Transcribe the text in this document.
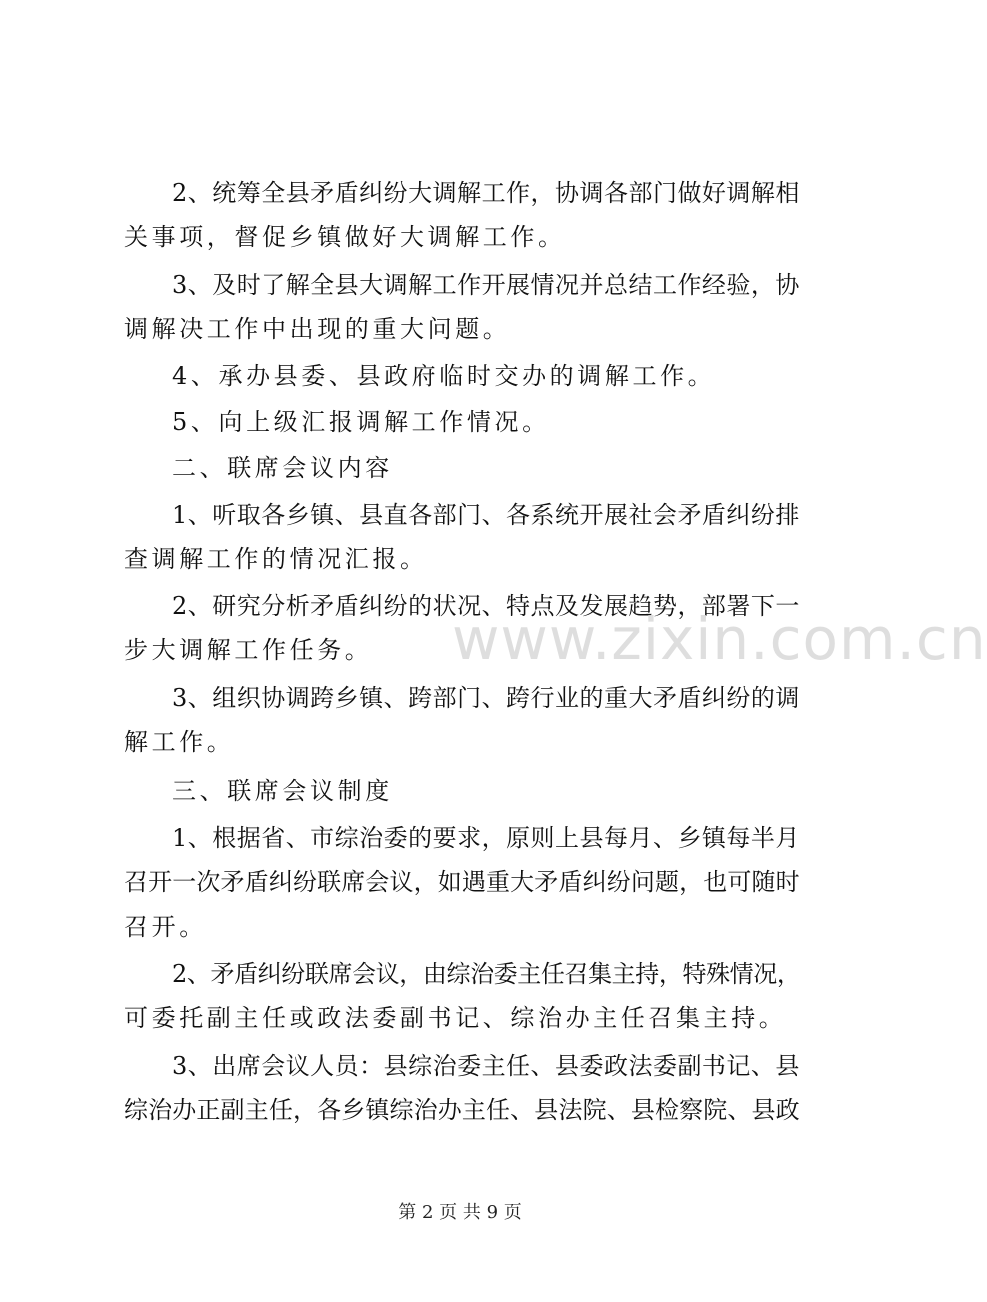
2、统筹全县矛盾纠纷大调解工作，协调各部门做好调解相
关事项，督促乡镇做好大调解工作。
3、及时了解全县大调解工作开展情况并总结工作经验，协
调解决工作中出现的重大问题。
4、承办县委、县政府临时交办的调解工作。
5、向上级汇报调解工作情况。
二、联席会议内容
1、听取各乡镇、县直各部门、各系统开展社会矛盾纠纷排
查调解工作的情况汇报。
2、研究分析矛盾纠纷的状况、特点及发展趋势，部署下一
步大调解工作任务。
3、组织协调跨乡镇、跨部门、跨行业的重大矛盾纠纷的调
解工作。
三、联席会议制度
1、根据省、市综治委的要求，原则上县每月、乡镇每半月
召开一次矛盾纠纷联席会议，如遇重大矛盾纠纷问题，也可随时
召开。
2、矛盾纠纷联席会议，由综治委主任召集主持，特殊情况，
可委托副主任或政法委副书记、综治办主任召集主持。
3、出席会议人员：县综治委主任、县委政法委副书记、县
综治办正副主任，各乡镇综治办主任、县法院、县检察院、县政
www.zixin.com.cn
第 2 页 共 9 页
